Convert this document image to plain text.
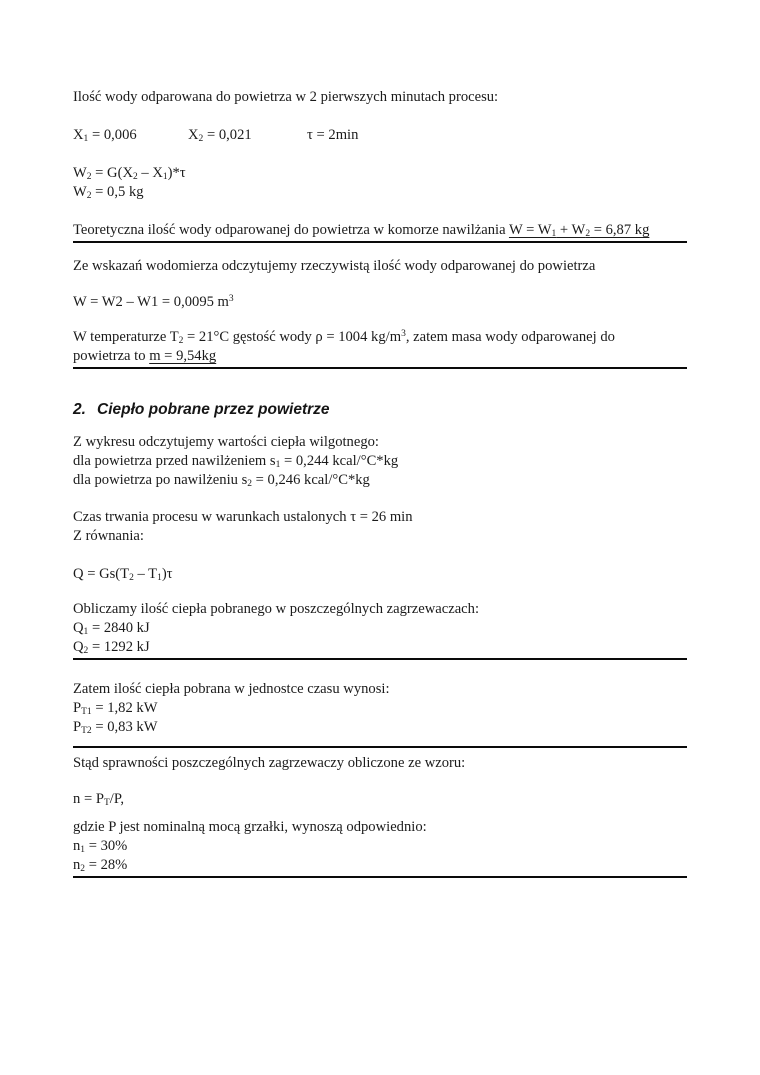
Ilość wody odparowana do powietrza w 2 pierwszych minutach procesu:

$X_1 = 0,006$	$X_2 = 0,021$	τ = 2min

$W_2 = G(X_2 - X_1)*\tau$
$W_2 = 0,5$ kg

Teoretyczna ilość wody odparowanej do powietrza w komorze nawilżania $W = W_1 + W_2 = 6,87$ kg

Ze wskazań wodomierza odczytujemy rzeczywistą ilość wody odparowanej do powietrza

W = W2 – W1 = 0,0095 $m^3$

W temperaturze $T_2 = 21^\circ C$ gęstość wody ρ = 1004 $kg/m^3$, zatem masa wody odparowanej do
powietrza to m = 9,54kg

2. Ciepło pobrane przez powietrze

Z wykresu odczytujemy wartości ciepła wilgotnego:
dla powietrza przed nawilżeniem $s_1 = 0,244$ kcal/°C*kg
dla powietrza po nawilżeniu $s_2 = 0,246$ kcal/°C*kg
Czas trwania procesu w warunkach ustalonych τ = 26 min
Z równania:

$Q = Gs(T_2 - T_1)\tau$

Obliczamy ilość ciepła pobranego w poszczególnych zagrzewaczach:
$Q_1 = 2840$ kJ
$Q_2 = 1292$ kJ
Zatem ilość ciepła pobrana w jednostce czasu wynosi:
$P_{T1} = 1,82$ kW
$P_{T2} = 0,83$ kW

Stąd sprawności poszczególnych zagrzewaczy obliczone ze wzoru:

$n = P_T/P$,

gdzie P jest nominalną mocą grzałki, wynoszą odpowiednio:
$n_1 = 30\%$
$n_2 = 28\%$
